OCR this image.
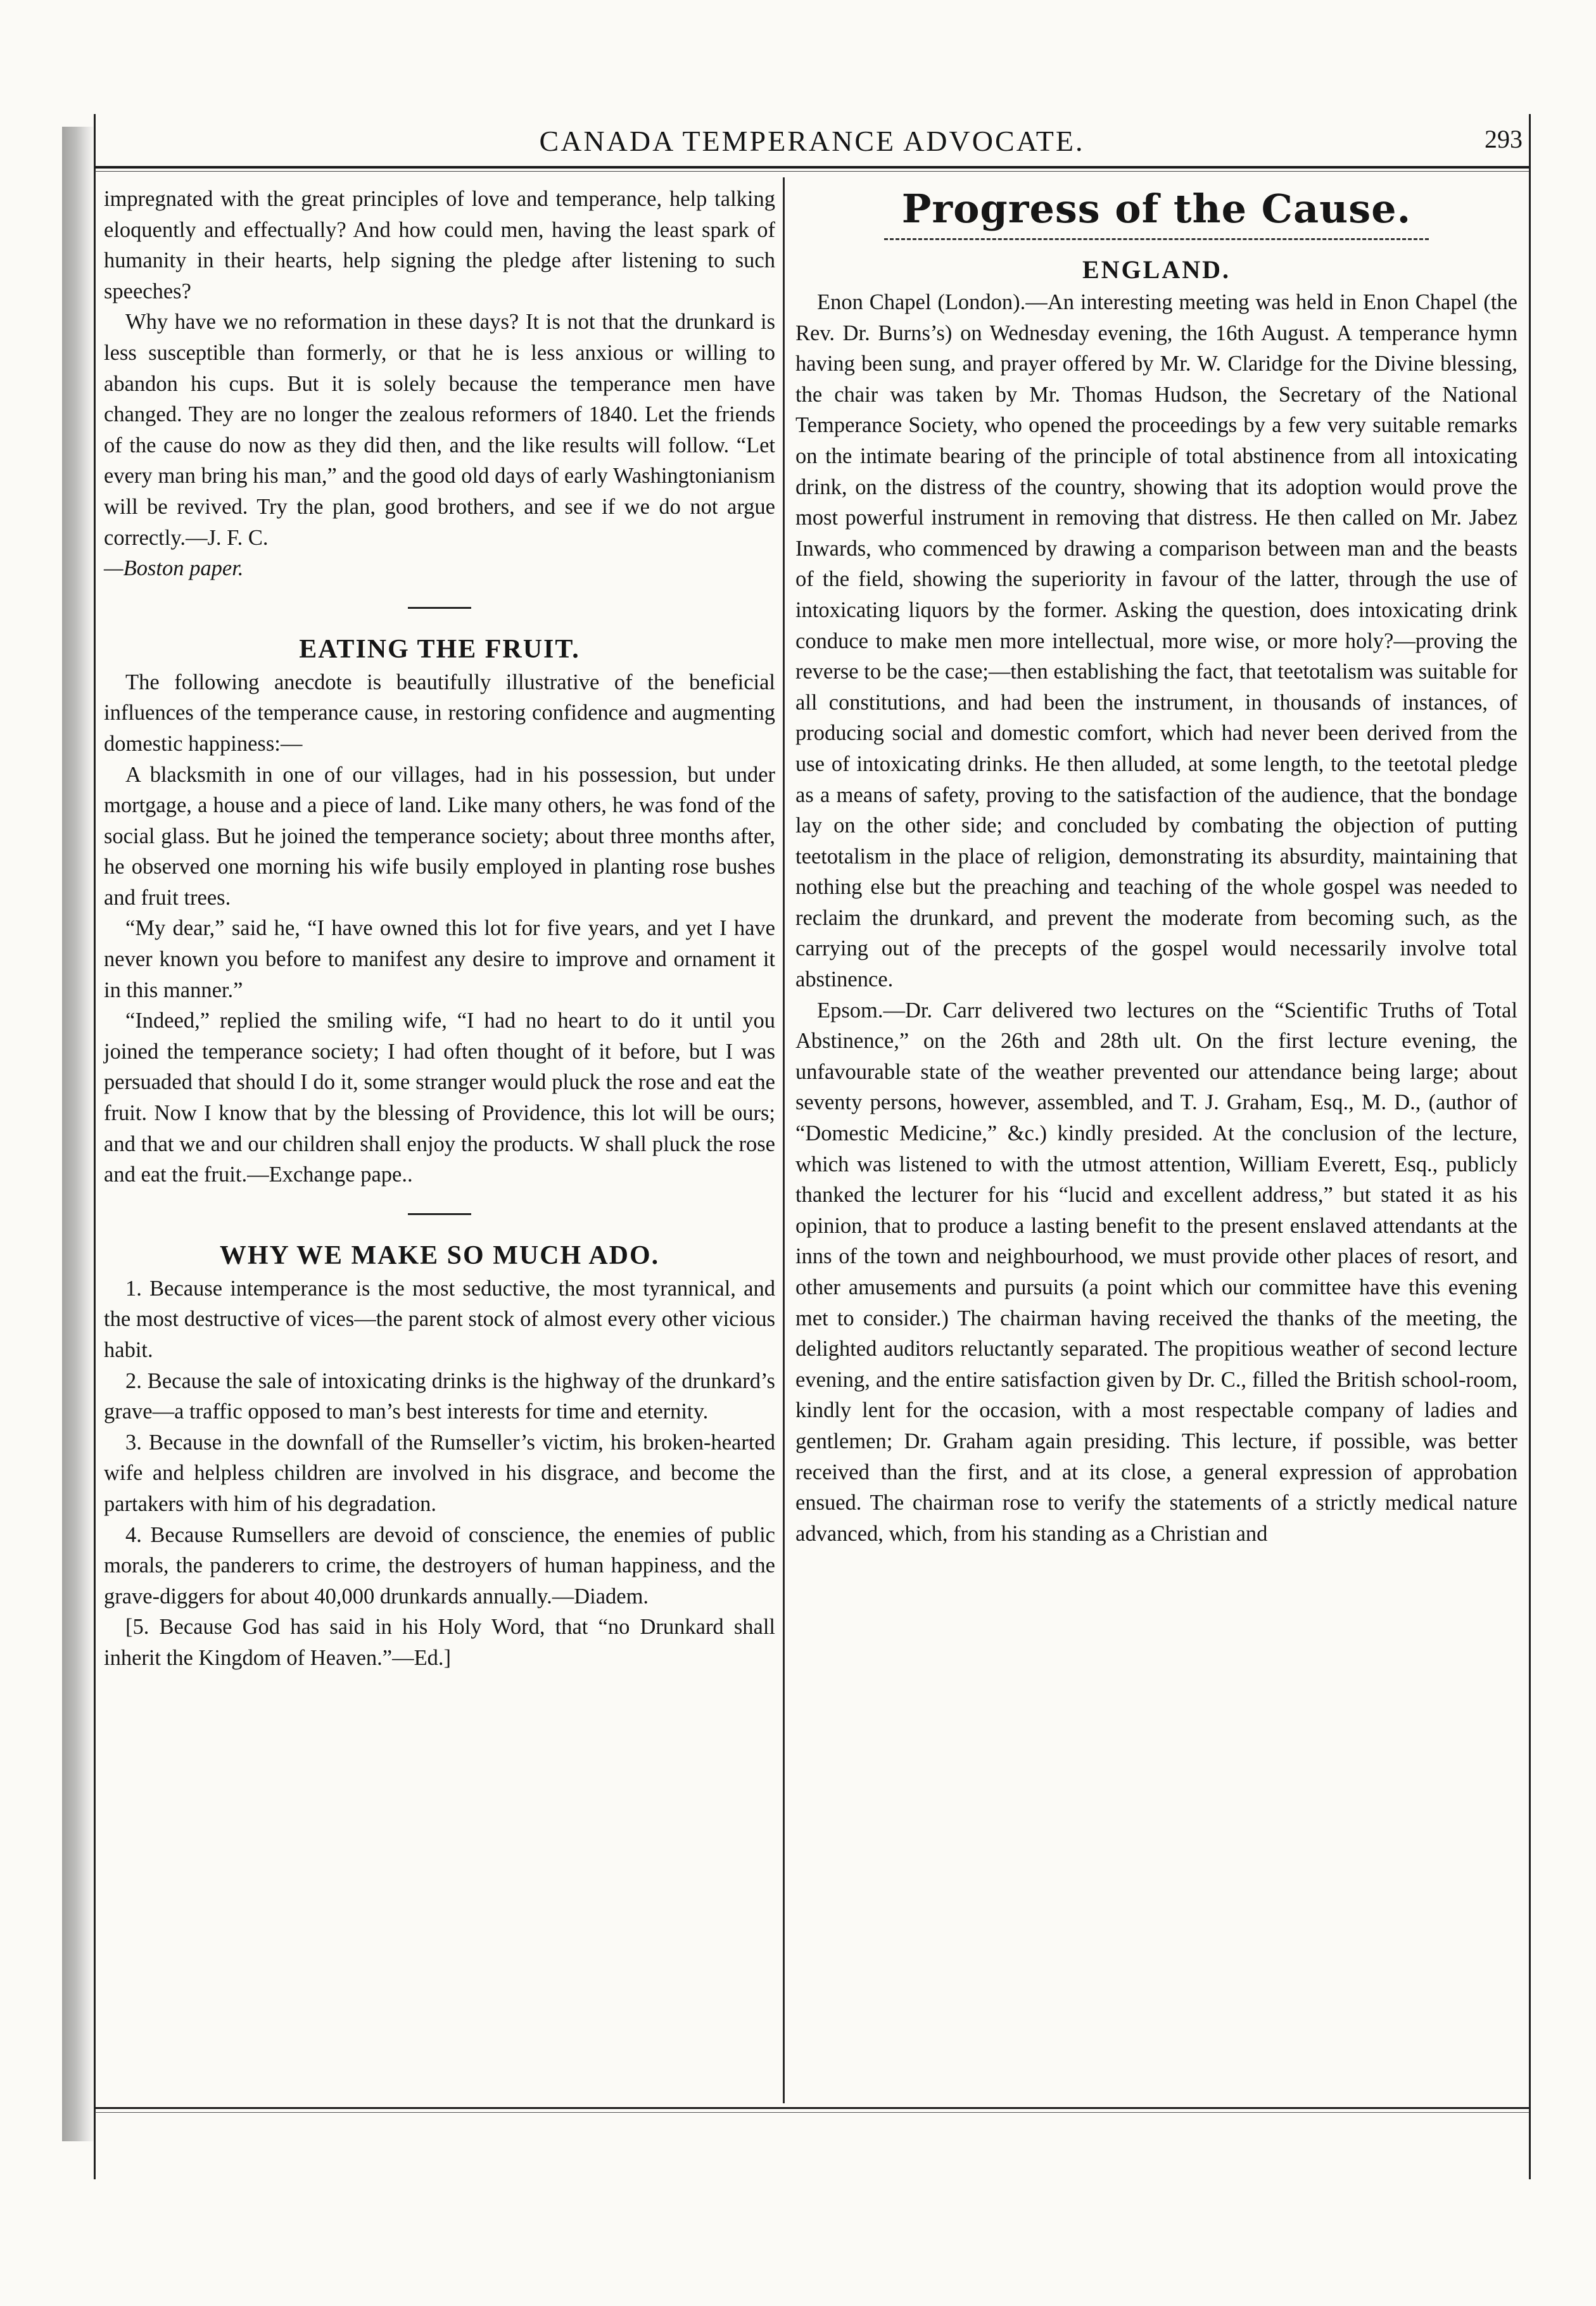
CANADA TEMPERANCE ADVOCATE.	293

impregnated with the great principles of love and temperance, help talking eloquently and effectually? And how could men, having the least spark of humanity in their hearts, help signing the pledge after listening to such speeches?

Why have we no reformation in these days? It is not that the drunkard is less susceptible than formerly, or that he is less anxious or willing to abandon his cups. But it is solely because the temperance men have changed. They are no longer the zealous reformers of 1840. Let the friends of the cause do now as they did then, and the like results will follow. “Let every man bring his man,” and the good old days of early Washingtonianism will be revived. Try the plan, good brothers, and see if we do not argue correctly.—J. F. C.

—Boston paper.

EATING THE FRUIT.

The following anecdote is beautifully illustrative of the beneficial influences of the temperance cause, in restoring confidence and augmenting domestic happiness:—

A blacksmith in one of our villages, had in his possession, but under mortgage, a house and a piece of land. Like many others, he was fond of the social glass. But he joined the temperance society; about three months after, he observed one morning his wife busily employed in planting rose bushes and fruit trees.

“My dear,” said he, “I have owned this lot for five years, and yet I have never known you before to manifest any desire to improve and ornament it in this manner.”

“Indeed,” replied the smiling wife, “I had no heart to do it until you joined the temperance society; I had often thought of it before, but I was persuaded that should I do it, some stranger would pluck the rose and eat the fruit. Now I know that by the blessing of Providence, this lot will be ours; and that we and our children shall enjoy the products. W shall pluck the rose and eat the fruit.—Exchange pape..

WHY WE MAKE SO MUCH ADO.

1. Because intemperance is the most seductive, the most tyrannical, and the most destructive of vices—the parent stock of almost every other vicious habit.

2. Because the sale of intoxicating drinks is the highway of the drunkard’s grave—a traffic opposed to man’s best interests for time and eternity.

3. Because in the downfall of the Rumseller’s victim, his broken-hearted wife and helpless children are involved in his disgrace, and become the partakers with him of his degradation.

4. Because Rumsellers are devoid of conscience, the enemies of public morals, the panderers to crime, the destroyers of human happiness, and the grave-diggers for about 40,000 drunkards annually.—Diadem.

[5. Because God has said in his Holy Word, that “no Drunkard shall inherit the Kingdom of Heaven.”—Ed.]

Progress of the Cause.
ENGLAND.

Enon Chapel (London).—An interesting meeting was held in Enon Chapel (the Rev. Dr. Burns’s) on Wednesday evening, the 16th August. A temperance hymn having been sung, and prayer offered by Mr. W. Claridge for the Divine blessing, the chair was taken by Mr. Thomas Hudson, the Secretary of the National Temperance Society, who opened the proceedings by a few very suitable remarks on the intimate bearing of the principle of total abstinence from all intoxicating drink, on the distress of the country, showing that its adoption would prove the most powerful instrument in removing that distress. He then called on Mr. Jabez Inwards, who commenced by drawing a comparison between man and the beasts of the field, showing the superiority in favour of the latter, through the use of intoxicating liquors by the former. Asking the question, does intoxicating drink conduce to make men more intellectual, more wise, or more holy?—proving the reverse to be the case;—then establishing the fact, that teetotalism was suitable for all constitutions, and had been the instrument, in thousands of instances, of producing social and domestic comfort, which had never been derived from the use of intoxicating drinks. He then alluded, at some length, to the teetotal pledge as a means of safety, proving to the satisfaction of the audience, that the bondage lay on the other side; and concluded by combating the objection of putting teetotalism in the place of religion, demonstrating its absurdity, maintaining that nothing else but the preaching and teaching of the whole gospel was needed to reclaim the drunkard, and prevent the moderate from becoming such, as the carrying out of the precepts of the gospel would necessarily involve total abstinence.

Epsom.—Dr. Carr delivered two lectures on the “Scientific Truths of Total Abstinence,” on the 26th and 28th ult. On the first lecture evening, the unfavourable state of the weather prevented our attendance being large; about seventy persons, however, assembled, and T. J. Graham, Esq., M. D., (author of “Domestic Medicine,” &c.) kindly presided. At the conclusion of the lecture, which was listened to with the utmost attention, William Everett, Esq., publicly thanked the lecturer for his “lucid and excellent address,” but stated it as his opinion, that to produce a lasting benefit to the present enslaved attendants at the inns of the town and neighbourhood, we must provide other places of resort, and other amusements and pursuits (a point which our committee have this evening met to consider.) The chairman having received the thanks of the meeting, the delighted auditors reluctantly separated. The propitious weather of second lecture evening, and the entire satisfaction given by Dr. C., filled the British school-room, kindly lent for the occasion, with a most respectable company of ladies and gentlemen; Dr. Graham again presiding. This lecture, if possible, was better received than the first, and at its close, a general expression of approbation ensued. The chairman rose to verify the statements of a strictly medical nature advanced, which, from his standing as a Christian and
